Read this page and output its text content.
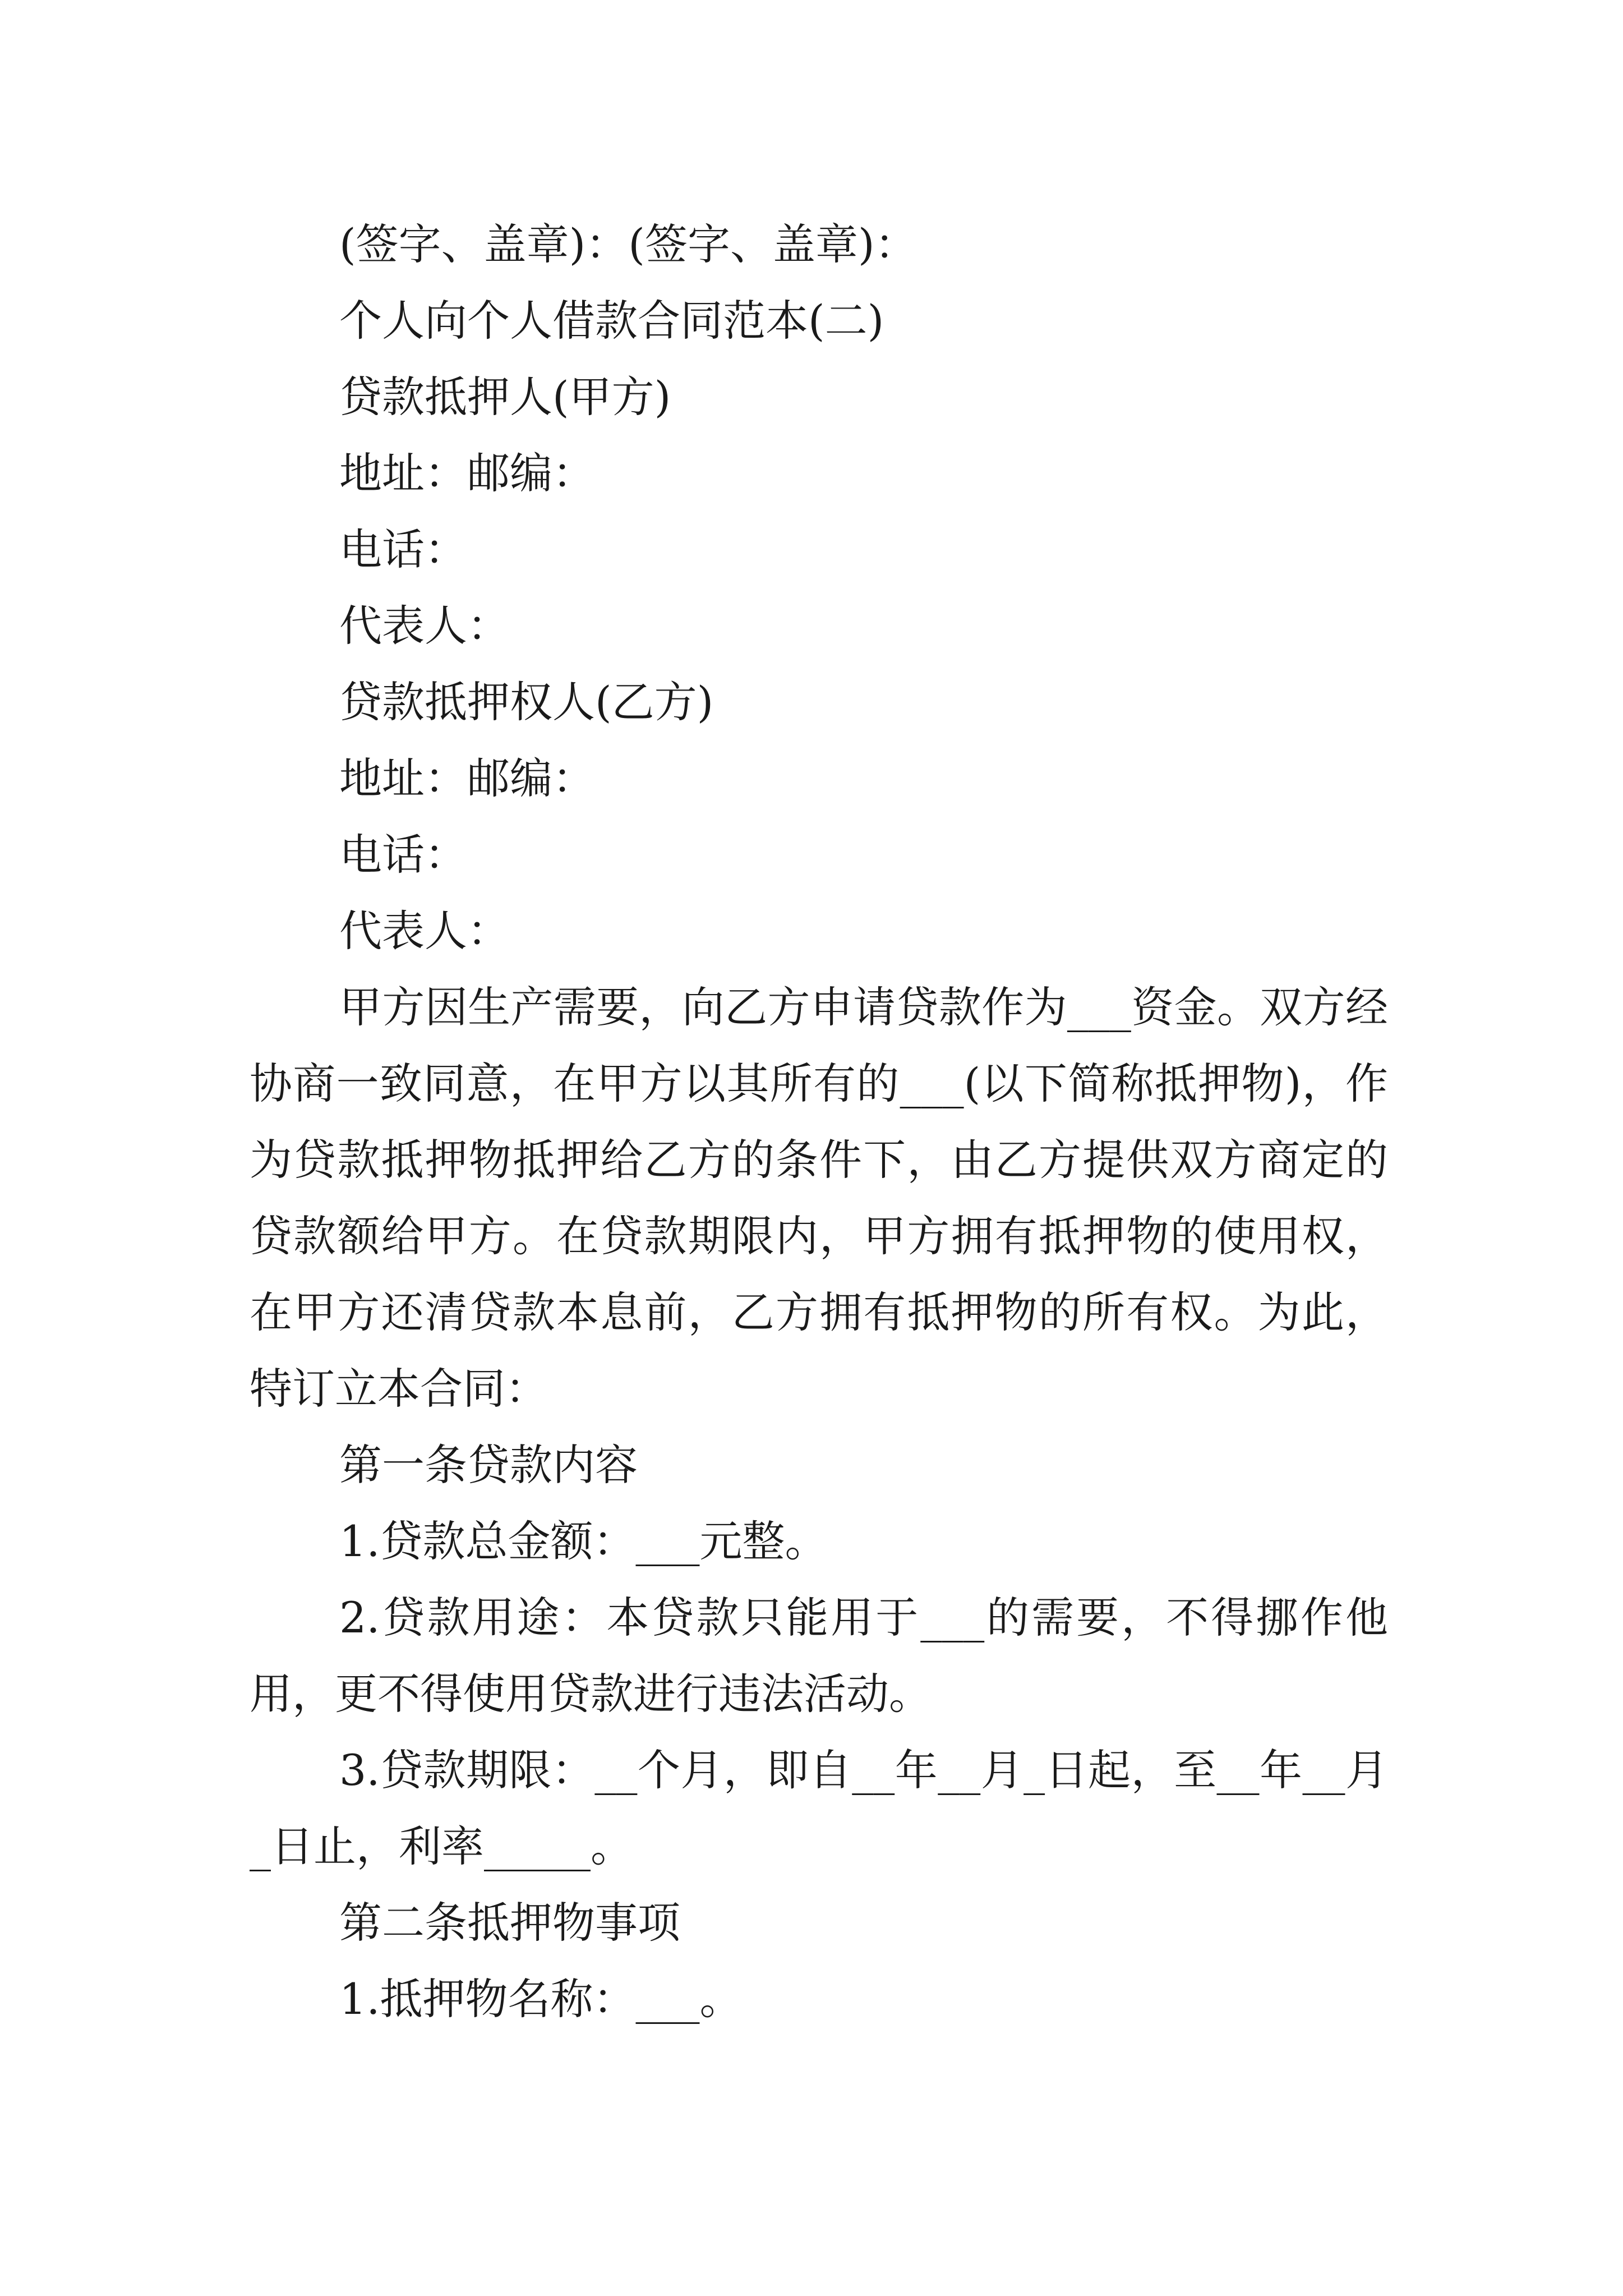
(签字、盖章)：(签字、盖章)：
个人向个人借款合同范本(二)
贷款抵押人(甲方)
地址：邮编：
电话：
代表人：
贷款抵押权人(乙方)
地址：邮编：
电话：
代表人：

甲方因生产需要，向乙方申请贷款作为___资金。双方经协商一致同意，在甲方以其所有的___(以下简称抵押物)，作为贷款抵押物抵押给乙方的条件下，由乙方提供双方商定的贷款额给甲方。在贷款期限内，甲方拥有抵押物的使用权，在甲方还清贷款本息前，乙方拥有抵押物的所有权。为此，特订立本合同：

第一条贷款内容
1.贷款总金额：___元整。

2.贷款用途：本贷款只能用于___的需要，不得挪作他用，更不得使用贷款进行违法活动。

3.贷款期限：__个月，即自__年__月_日起，至__年__月_日止，利率_____。

第二条抵押物事项
1.抵押物名称：___。
